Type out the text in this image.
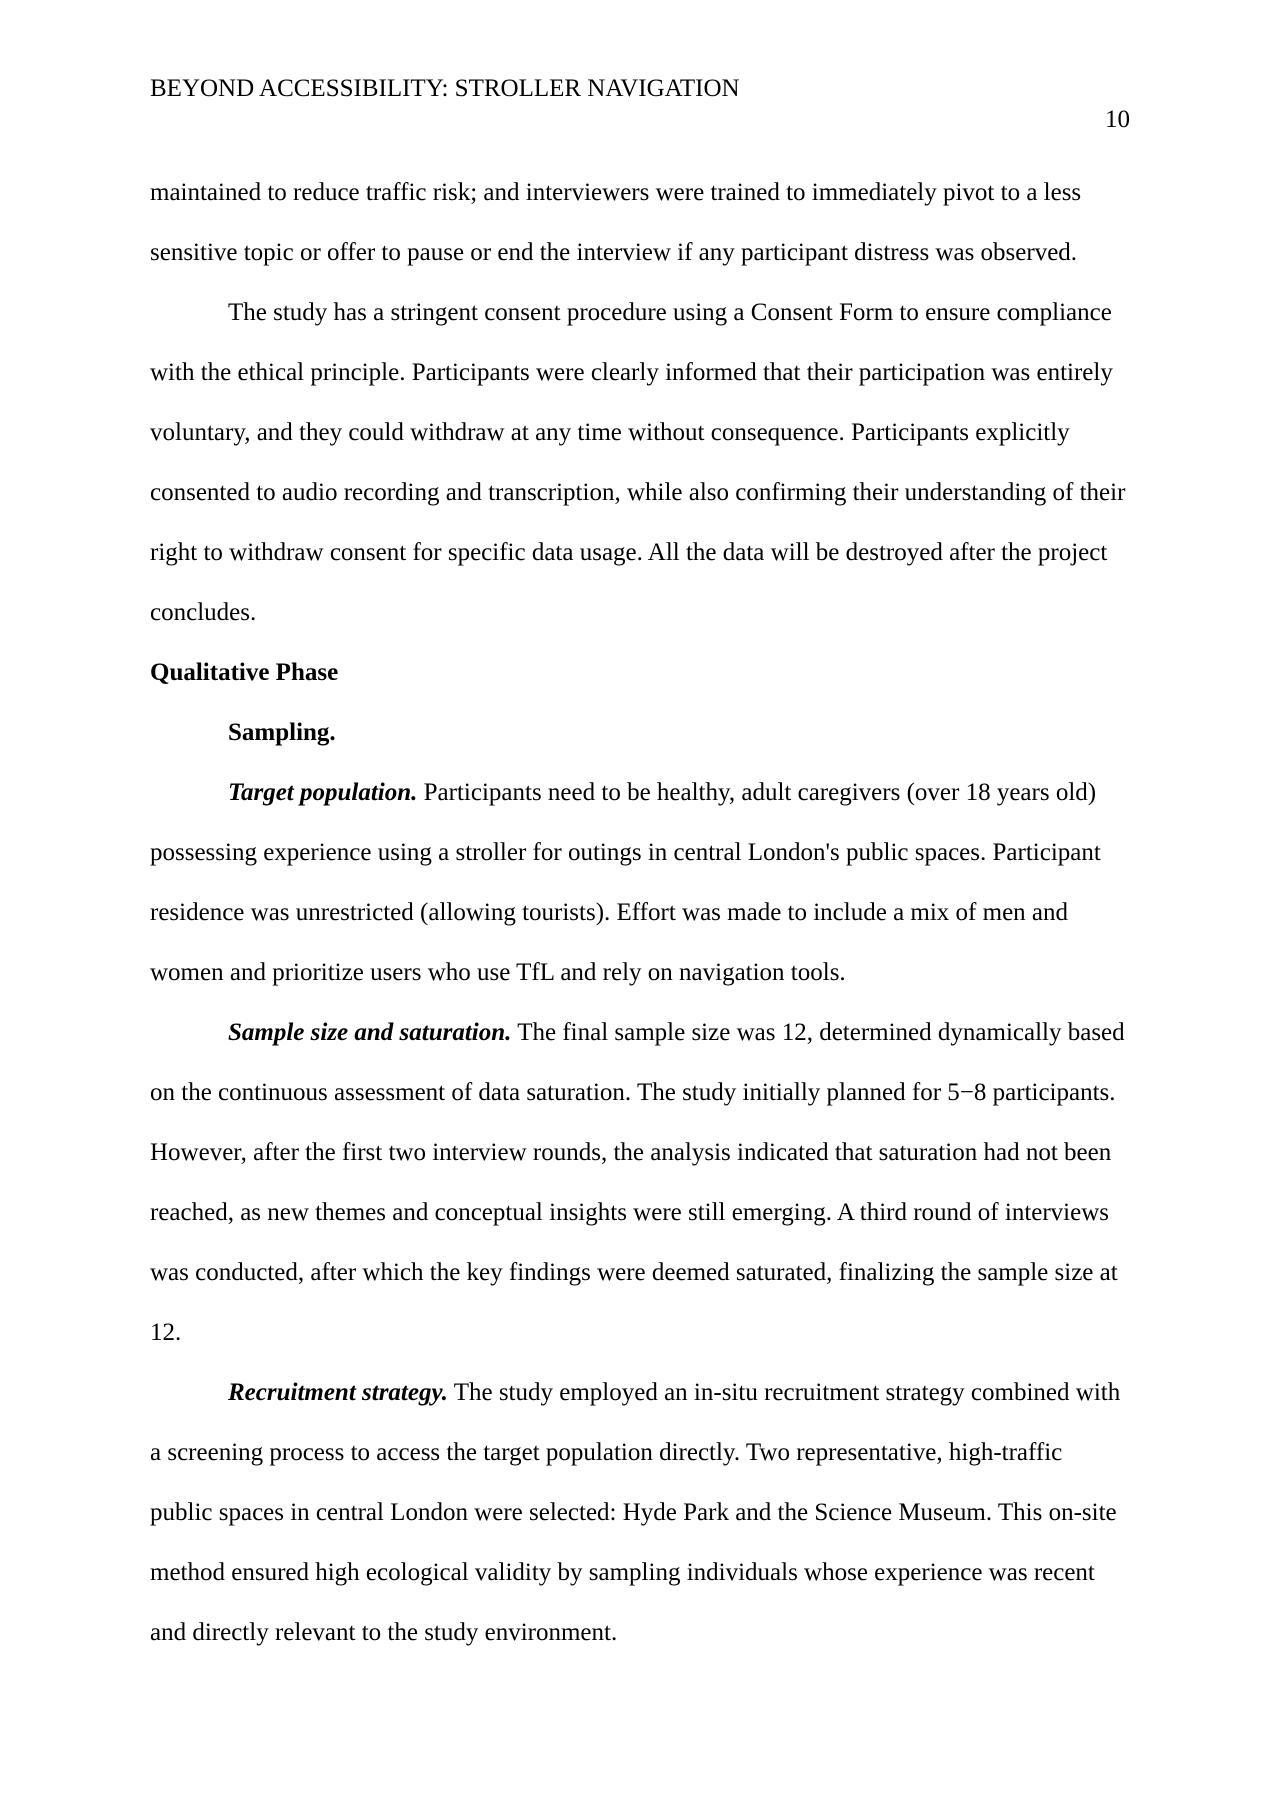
BEYOND ACCESSIBILITY: STROLLER NAVIGATION
10

maintained to reduce traffic risk; and interviewers were trained to immediately pivot to a less sensitive topic or offer to pause or end the interview if any participant distress was observed.

The study has a stringent consent procedure using a Consent Form to ensure compliance with the ethical principle. Participants were clearly informed that their participation was entirely voluntary, and they could withdraw at any time without consequence. Participants explicitly consented to audio recording and transcription, while also confirming their understanding of their right to withdraw consent for specific data usage. All the data will be destroyed after the project concludes.

Qualitative Phase

Sampling.

Target population. Participants need to be healthy, adult caregivers (over 18 years old) possessing experience using a stroller for outings in central London's public spaces. Participant residence was unrestricted (allowing tourists). Effort was made to include a mix of men and women and prioritize users who use TfL and rely on navigation tools.

Sample size and saturation. The final sample size was 12, determined dynamically based on the continuous assessment of data saturation. The study initially planned for 5−8 participants. However, after the first two interview rounds, the analysis indicated that saturation had not been reached, as new themes and conceptual insights were still emerging. A third round of interviews was conducted, after which the key findings were deemed saturated, finalizing the sample size at 12.

Recruitment strategy. The study employed an in-situ recruitment strategy combined with a screening process to access the target population directly. Two representative, high-traffic public spaces in central London were selected: Hyde Park and the Science Museum. This on-site method ensured high ecological validity by sampling individuals whose experience was recent and directly relevant to the study environment.
